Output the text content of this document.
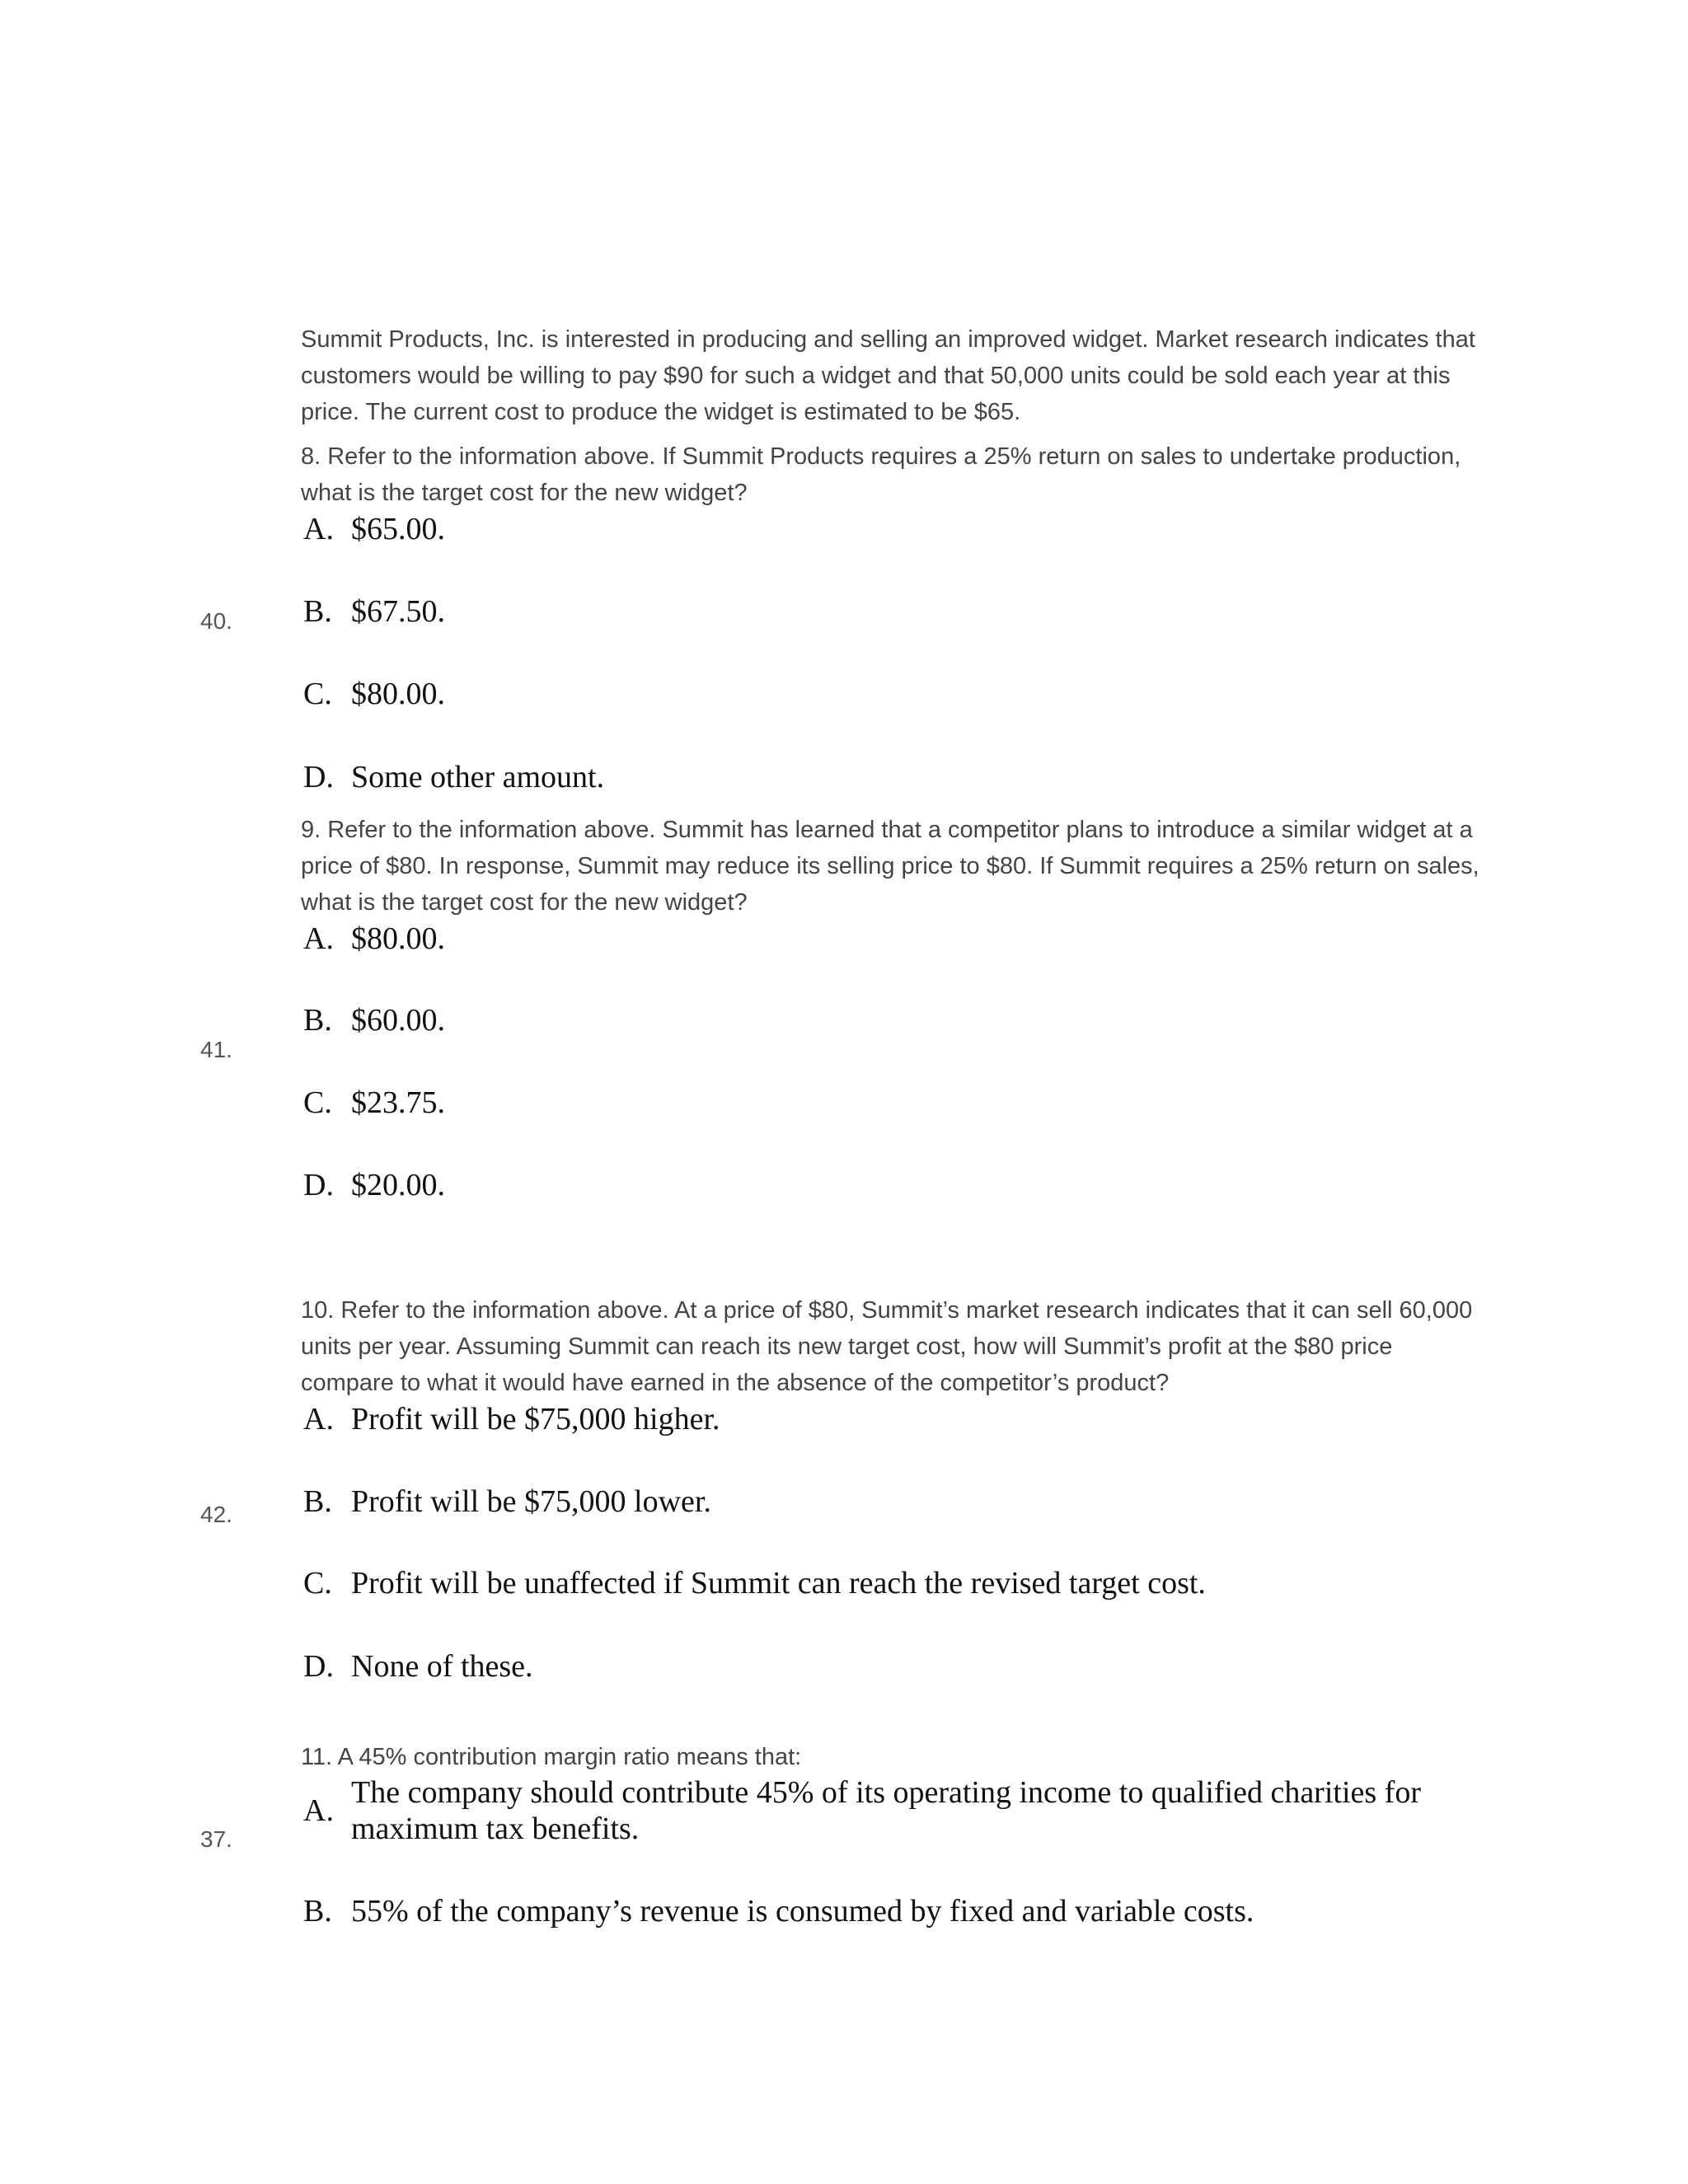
Summit Products, Inc. is interested in producing and selling an improved widget. Market research indicates that customers would be willing to pay $90 for such a widget and that 50,000 units could be sold each year at this price. The current cost to produce the widget is estimated to be $65.
40.
8. Refer to the information above. If Summit Products requires a 25% return on sales to undertake production, what is the target cost for the new widget?
A. $65.00.
B. $67.50.
C. $80.00.
D. Some other amount.
41.
9. Refer to the information above. Summit has learned that a competitor plans to introduce a similar widget at a price of $80. In response, Summit may reduce its selling price to $80. If Summit requires a 25% return on sales, what is the target cost for the new widget?
A. $80.00.
B. $60.00.
C. $23.75.
D. $20.00.
42.
10. Refer to the information above. At a price of $80, Summit’s market research indicates that it can sell 60,000 units per year. Assuming Summit can reach its new target cost, how will Summit’s profit at the $80 price compare to what it would have earned in the absence of the competitor’s product?
A. Profit will be $75,000 higher.
B. Profit will be $75,000 lower.
C. Profit will be unaffected if Summit can reach the revised target cost.
D. None of these.
37.
11. A 45% contribution margin ratio means that:
A.
The company should contribute 45% of its operating income to qualified charities for maximum tax benefits.
B. 55% of the company’s revenue is consumed by fixed and variable costs.
